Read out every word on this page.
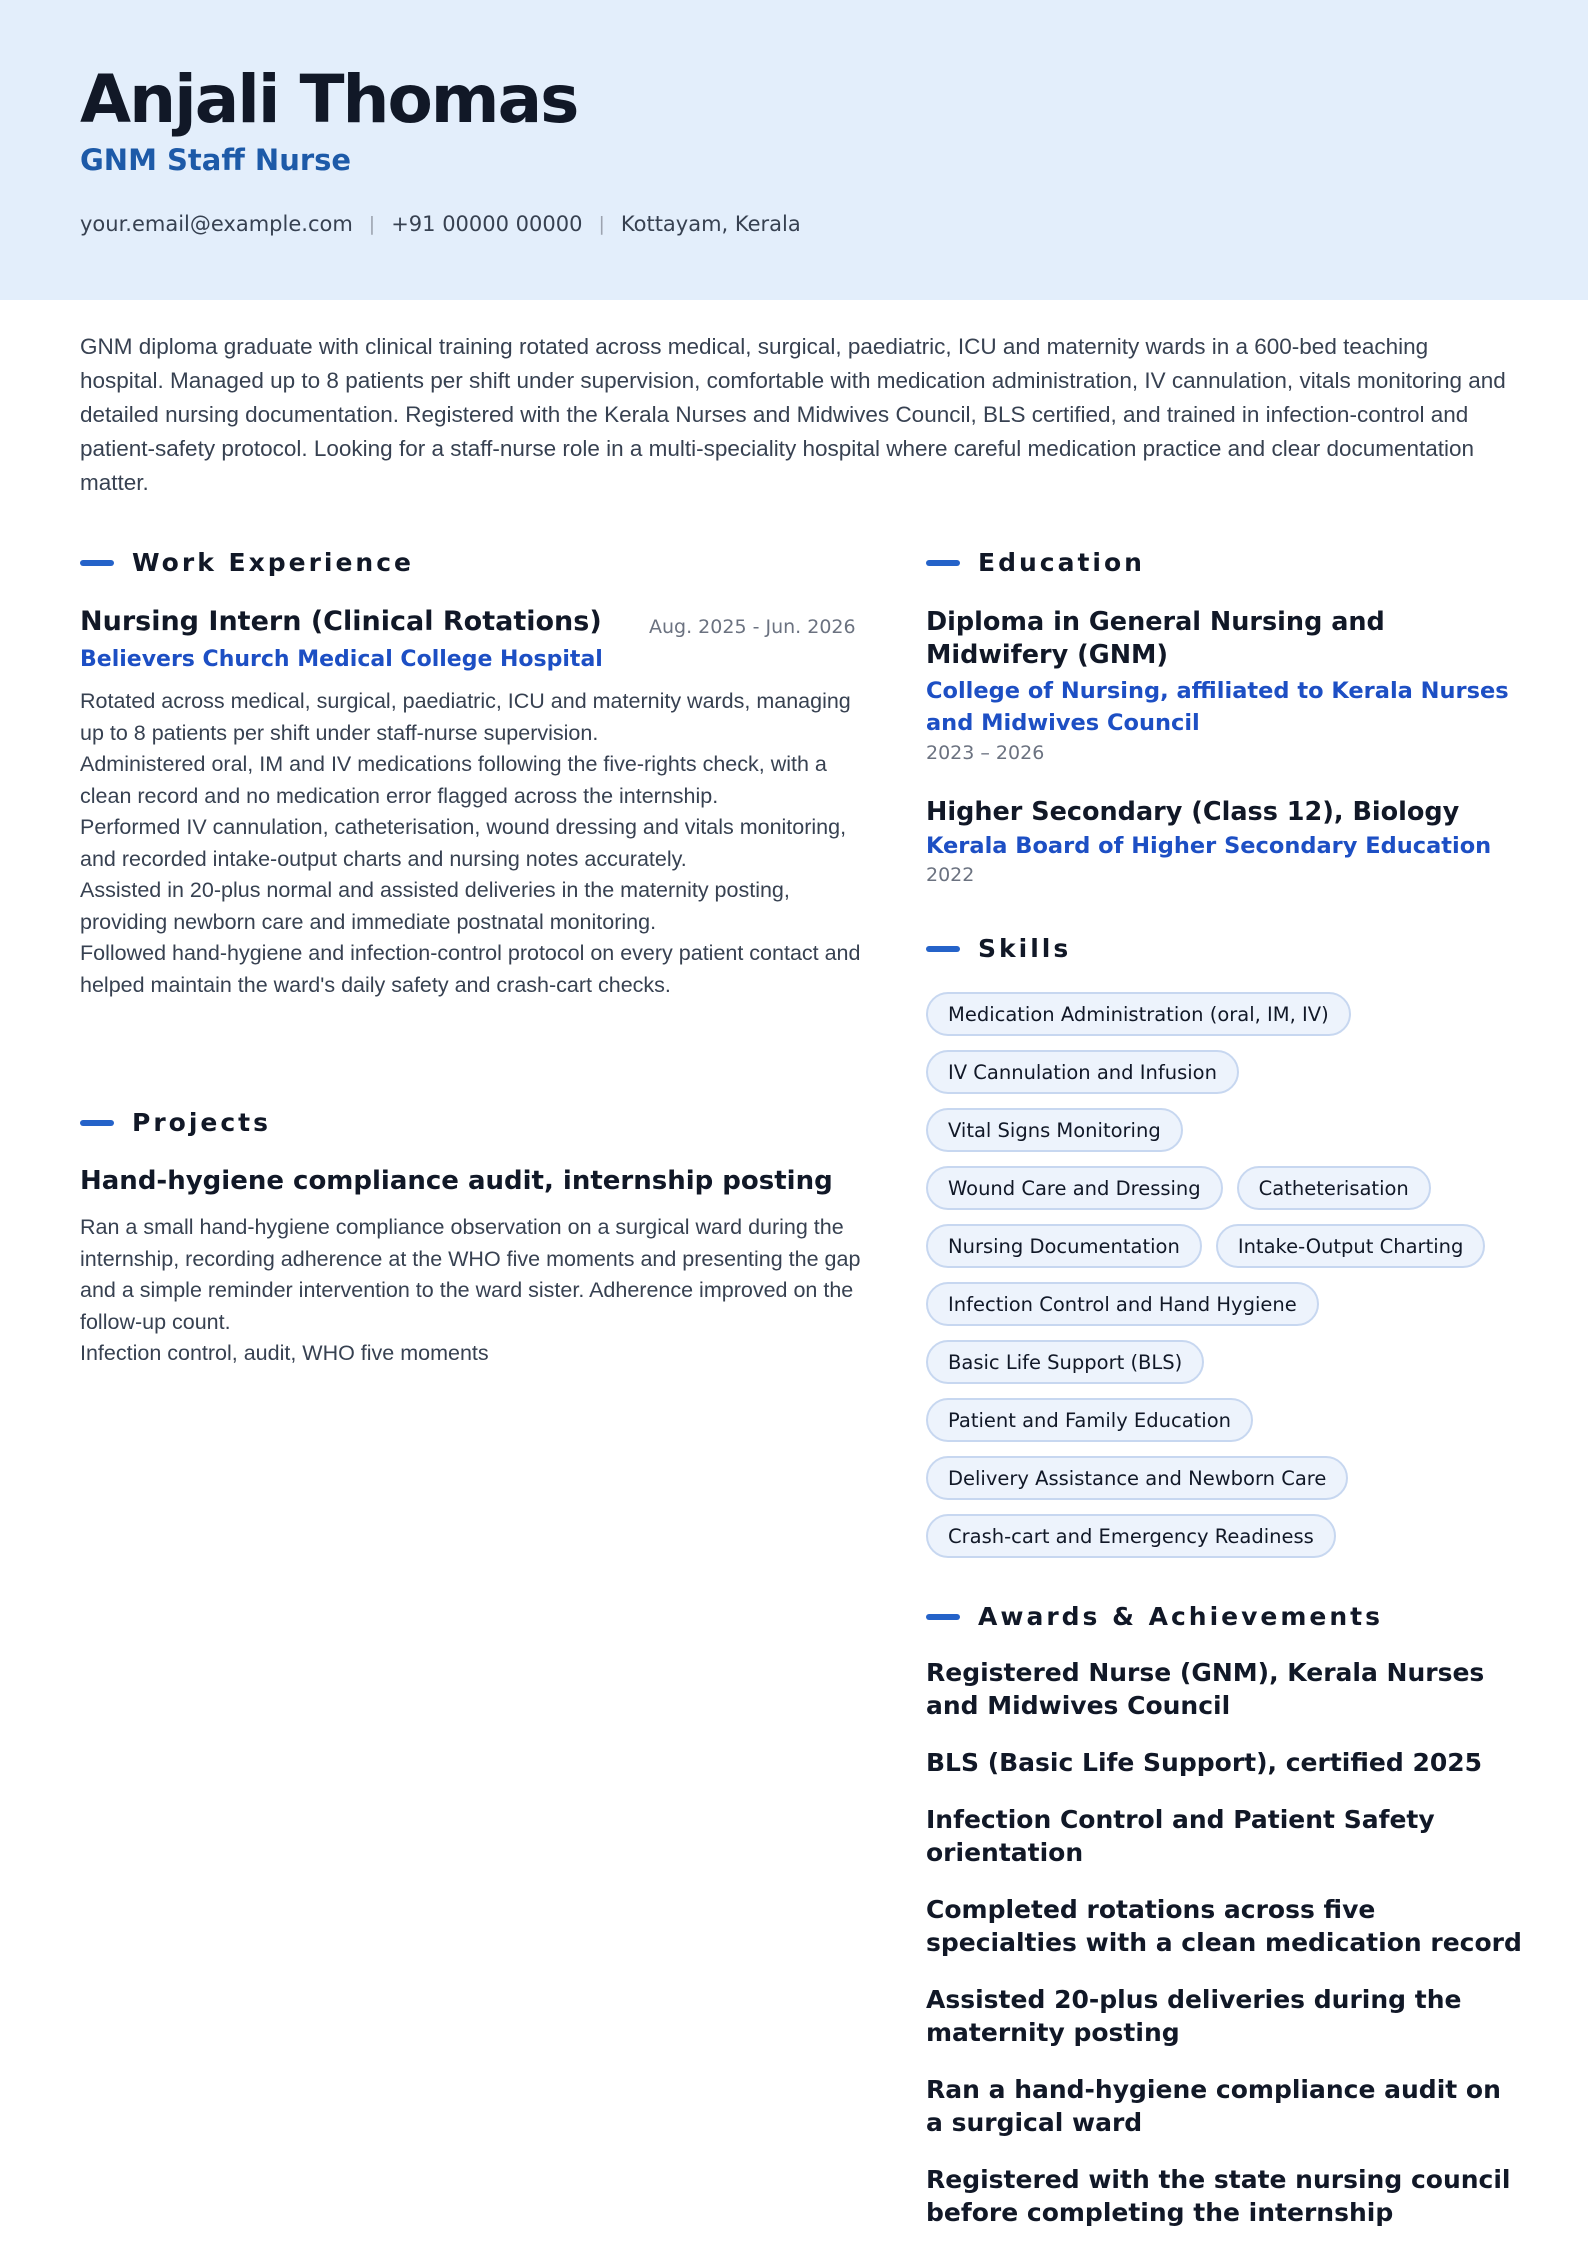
Anjali Thomas
GNM Staff Nurse
your.email@example.com | +91 00000 00000 | Kottayam, Kerala

GNM diploma graduate with clinical training rotated across medical, surgical, paediatric, ICU and maternity wards in a 600-bed teaching hospital. Managed up to 8 patients per shift under supervision, comfortable with medication administration, IV cannulation, vitals monitoring and detailed nursing documentation. Registered with the Kerala Nurses and Midwives Council, BLS certified, and trained in infection-control and patient-safety protocol. Looking for a staff-nurse role in a multi-speciality hospital where careful medication practice and clear documentation matter.

Work Experience
Nursing Intern (Clinical Rotations) Aug. 2025 - Jun. 2026
Believers Church Medical College Hospital
Rotated across medical, surgical, paediatric, ICU and maternity wards, managing up to 8 patients per shift under staff-nurse supervision.
Administered oral, IM and IV medications following the five-rights check, with a clean record and no medication error flagged across the internship.
Performed IV cannulation, catheterisation, wound dressing and vitals monitoring, and recorded intake-output charts and nursing notes accurately.
Assisted in 20-plus normal and assisted deliveries in the maternity posting, providing newborn care and immediate postnatal monitoring.
Followed hand-hygiene and infection-control protocol on every patient contact and helped maintain the ward's daily safety and crash-cart checks.
Projects
Hand-hygiene compliance audit, internship posting
Ran a small hand-hygiene compliance observation on a surgical ward during the internship, recording adherence at the WHO five moments and presenting the gap and a simple reminder intervention to the ward sister. Adherence improved on the follow-up count.
Infection control, audit, WHO five moments
Education
Diploma in General Nursing and Midwifery (GNM)
College of Nursing, affiliated to Kerala Nurses and Midwives Council
2023 – 2026
Higher Secondary (Class 12), Biology
Kerala Board of Higher Secondary Education
2022
Skills
Medication Administration (oral, IM, IV)
IV Cannulation and Infusion
Vital Signs Monitoring
Wound Care and Dressing	Catheterisation
Nursing Documentation	Intake-Output Charting
Infection Control and Hand Hygiene
Basic Life Support (BLS)
Patient and Family Education
Delivery Assistance and Newborn Care
Crash-cart and Emergency Readiness
Awards & Achievements
Registered Nurse (GNM), Kerala Nurses and Midwives Council
BLS (Basic Life Support), certified 2025
Infection Control and Patient Safety orientation
Completed rotations across five specialties with a clean medication record
Assisted 20-plus deliveries during the maternity posting
Ran a hand-hygiene compliance audit on a surgical ward
Registered with the state nursing council before completing the internship
